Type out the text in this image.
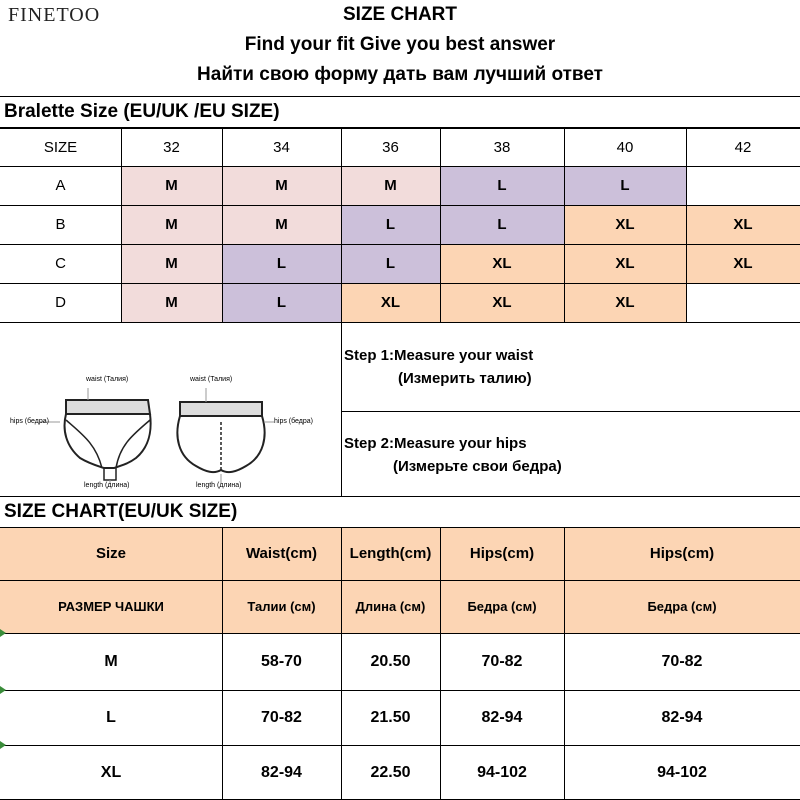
FINETOO	SIZE CHART
Find your fit Give you best answer
Найти свою форму дать вам лучший ответ
Bralette Size (EU/UK /EU SIZE)
SIZE	32	34	36	38	40	42
A	M	M	M	L	L
B	M	M	L	L	XL	XL
C	M	L	L	XL	XL	XL
D	M	L	XL	XL	XL
waist (Талия)	waist (Талия)
hips (бедра)	hips (бедра)
length (длина)	length (длина)
Step 1:Measure your waist
(Измерить талию)
Step 2:Measure your hips
(Измерьте свои бедра)
SIZE CHART(EU/UK SIZE)
Size	Waist(cm)	Length(cm)	Hips(cm)	Hips(cm)
РАЗМЕР ЧАШКИ	Талии (см)	Длина (см)	Бедра (см)	Бедра (см)
M	58-70	20.50	70-82	70-82
L	70-82	21.50	82-94	82-94
XL	82-94	22.50	94-102	94-102
